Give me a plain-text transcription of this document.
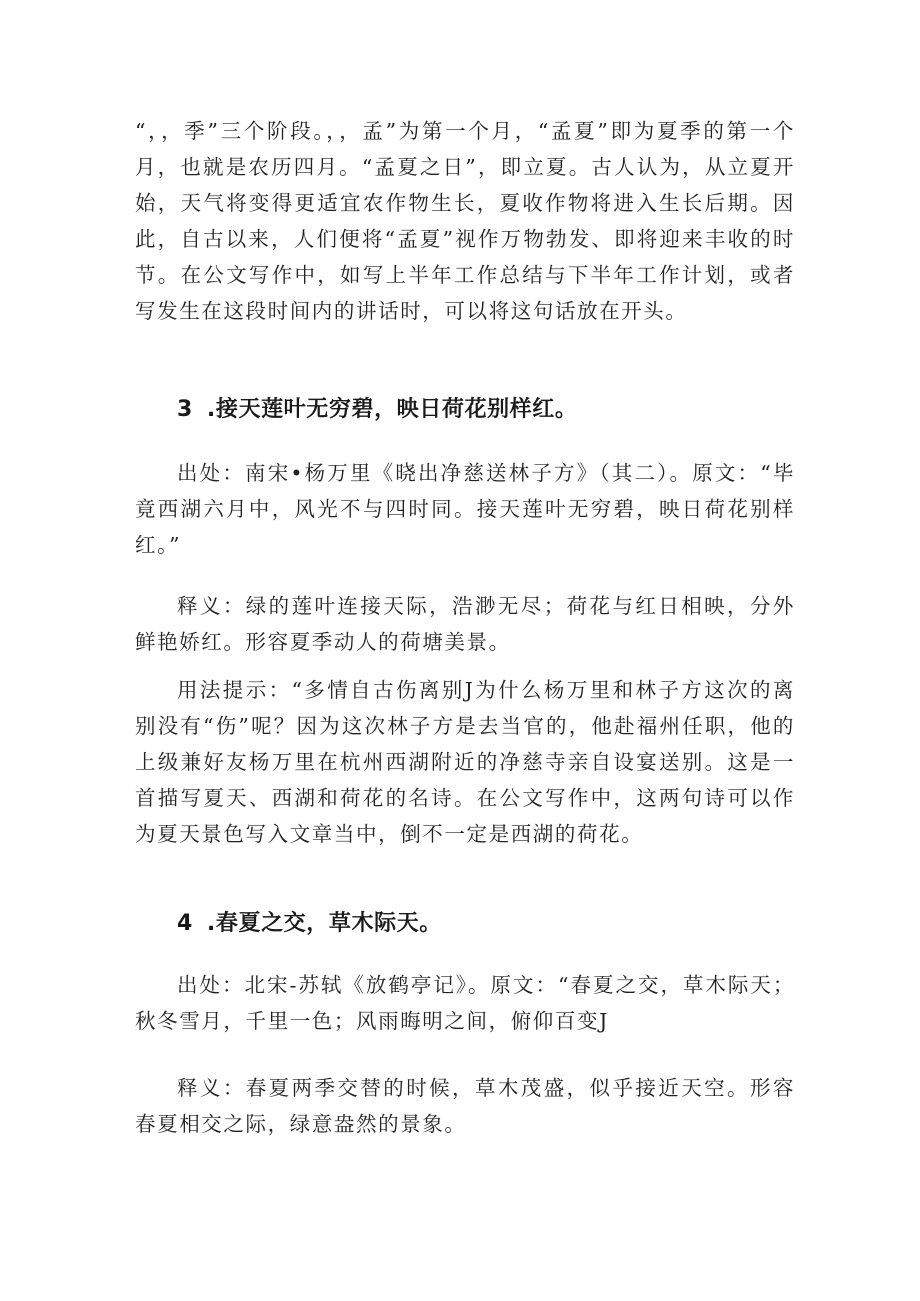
“，，季”三个阶段。，，孟”为第一个月，“孟夏”即为夏季的第一个月，也就是农历四月。“孟夏之日”，即立夏。古人认为，从立夏开始，天气将变得更适宜农作物生长，夏收作物将进入生长后期。因此，自古以来，人们便将“孟夏”视作万物勃发、即将迎来丰收的时节。在公文写作中，如写上半年工作总结与下半年工作计划，或者写发生在这段时间内的讲话时，可以将这句话放在开头。

3 .接天莲叶无穷碧，映日荷花别样红。

出处：南宋•杨万里《晓出净慈送林子方》（其二）。原文：“毕竟西湖六月中，风光不与四时同。接天莲叶无穷碧，映日荷花别样红。”

释义：绿的莲叶连接天际，浩渺无尽；荷花与红日相映，分外鲜艳娇红。形容夏季动人的荷塘美景。

用法提示：“多情自古伤离别J为什么杨万里和林子方这次的离别没有“伤”呢？因为这次林子方是去当官的，他赴福州任职，他的上级兼好友杨万里在杭州西湖附近的净慈寺亲自设宴送别。这是一首描写夏天、西湖和荷花的名诗。在公文写作中，这两句诗可以作为夏天景色写入文章当中，倒不一定是西湖的荷花。

4 .春夏之交，草木际天。

出处：北宋-苏轼《放鹤亭记》。原文：“春夏之交，草木际天；秋冬雪月，千里一色；风雨晦明之间，俯仰百变J

释义：春夏两季交替的时候，草木茂盛，似乎接近天空。形容春夏相交之际，绿意盎然的景象。
